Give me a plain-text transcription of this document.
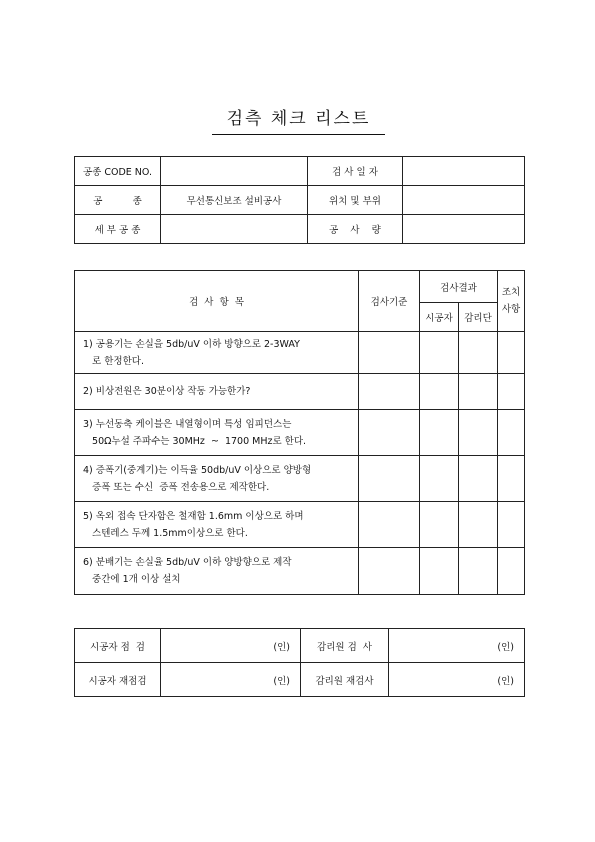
검측 체크 리스트
공종 CODE NO.		검 사 일 자	
공          종	무선통신보조 설비공사	위치 및 부위	
세 부 공 종		공    사    량	
검  사  항  목	검사기준	검사결과		조치
사항

		시공자	감리단	

1) 공용기는 손실을 5db/uV 이하 방향으로 2-3WAY
로 한정한다.				

2) 비상전원은 30분이상 작동 가능한가?				

3) 누선동축 케이블은 내열형이며 특성 임피던스는
50Ω누설 주파수는 30MHz  ~  1700 MHz로 한다.				

4) 증폭기(중계기)는 이득율 50db/uV 이상으로 양방형
증폭 또는 수신  증폭 전송용으로 제작한다.				

5) 옥외 접속 단자함은 철재함 1.6mm 이상으로 하며
스텐레스 두께 1.5mm이상으로 한다.				

6) 분배기는 손실율 5db/uV 이하 양방향으로 제작
중간에 1개 이상 설치				

시공자 점  검	(인)	감리원 검  사	(인)
시공자 재점검	(인)	감리원 재검사	(인)
